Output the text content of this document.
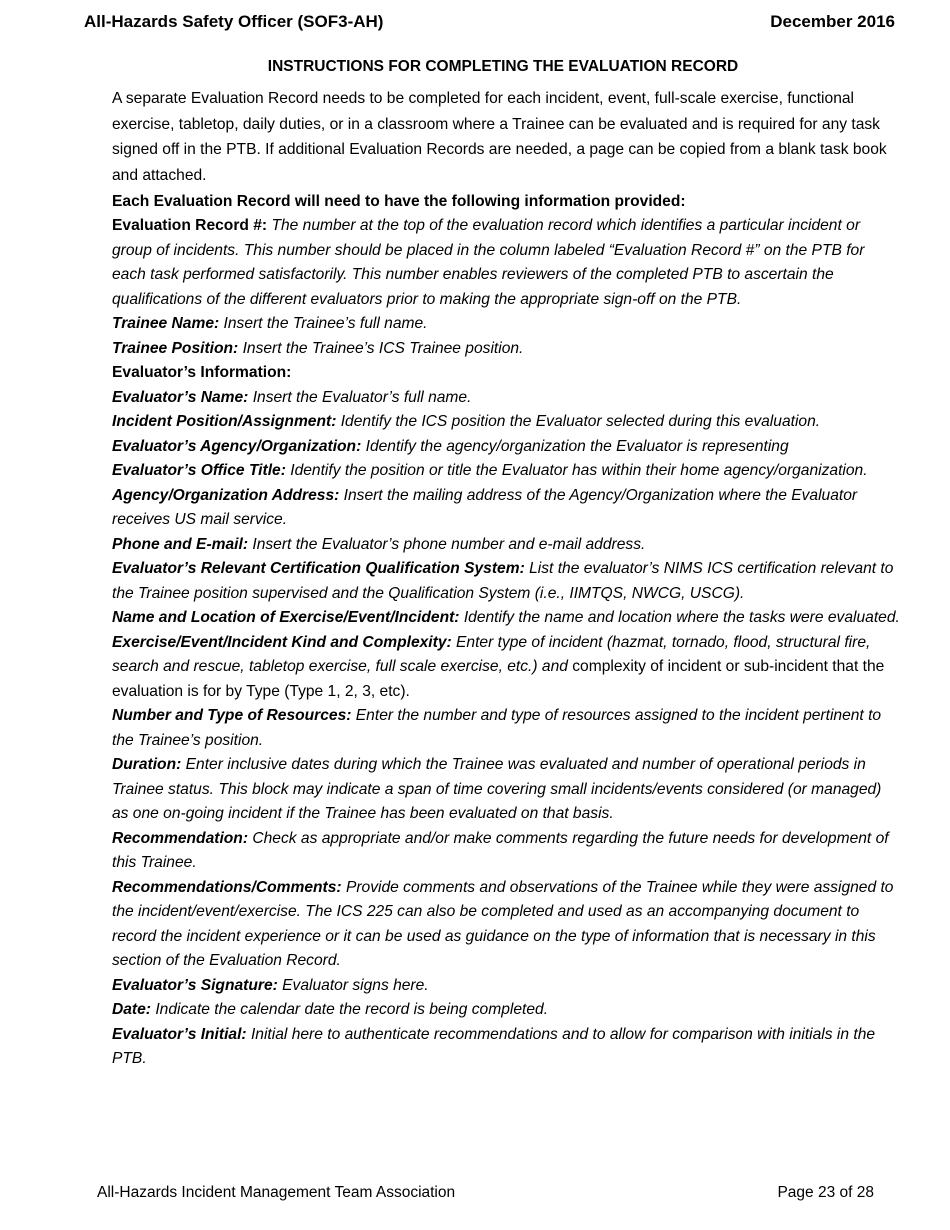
All-Hazards Safety Officer (SOF3-AH)	December 2016
INSTRUCTIONS FOR COMPLETING THE EVALUATION RECORD

A separate Evaluation Record needs to be completed for each incident, event, full-scale exercise, functional exercise, tabletop, daily duties, or in a classroom where a Trainee can be evaluated and is required for any task signed off in the PTB. If additional Evaluation Records are needed, a page can be copied from a blank task book and attached.

Each Evaluation Record will need to have the following information provided:

Evaluation Record #: The number at the top of the evaluation record which identifies a particular incident or group of incidents. This number should be placed in the column labeled “Evaluation Record #” on the PTB for each task performed satisfactorily. This number enables reviewers of the completed PTB to ascertain the qualifications of the different evaluators prior to making the appropriate sign-off on the PTB.

Trainee Name: Insert the Trainee’s full name.

Trainee Position: Insert the Trainee’s ICS Trainee position.

Evaluator’s Information:

Evaluator’s Name: Insert the Evaluator’s full name.

Incident Position/Assignment: Identify the ICS position the Evaluator selected during this evaluation.

Evaluator’s Agency/Organization: Identify the agency/organization the Evaluator is representing

Evaluator’s Office Title: Identify the position or title the Evaluator has within their home agency/organization.

Agency/Organization Address: Insert the mailing address of the Agency/Organization where the Evaluator receives US mail service.

Phone and E-mail: Insert the Evaluator’s phone number and e-mail address.

Evaluator’s Relevant Certification Qualification System: List the evaluator’s NIMS ICS certification relevant to the Trainee position supervised and the Qualification System (i.e., IIMTQS, NWCG, USCG).

Name and Location of Exercise/Event/Incident: Identify the name and location where the tasks were evaluated.

Exercise/Event/Incident Kind and Complexity: Enter type of incident (hazmat, tornado, flood, structural fire, search and rescue, tabletop exercise, full scale exercise, etc.) and complexity of incident or sub-incident that the evaluation is for by Type (Type 1, 2, 3, etc).

Number and Type of Resources: Enter the number and type of resources assigned to the incident pertinent to the Trainee’s position.

Duration: Enter inclusive dates during which the Trainee was evaluated and number of operational periods in Trainee status. This block may indicate a span of time covering small incidents/events considered (or managed) as one on-going incident if the Trainee has been evaluated on that basis.

Recommendation: Check as appropriate and/or make comments regarding the future needs for development of this Trainee.

Recommendations/Comments: Provide comments and observations of the Trainee while they were assigned to the incident/event/exercise. The ICS 225 can also be completed and used as an accompanying document to record the incident experience or it can be used as guidance on the type of information that is necessary in this section of the Evaluation Record.

Evaluator’s Signature: Evaluator signs here.

Date: Indicate the calendar date the record is being completed.

Evaluator’s Initial: Initial here to authenticate recommendations and to allow for comparison with initials in the PTB.

All-Hazards Incident Management Team Association	Page 23 of 28
